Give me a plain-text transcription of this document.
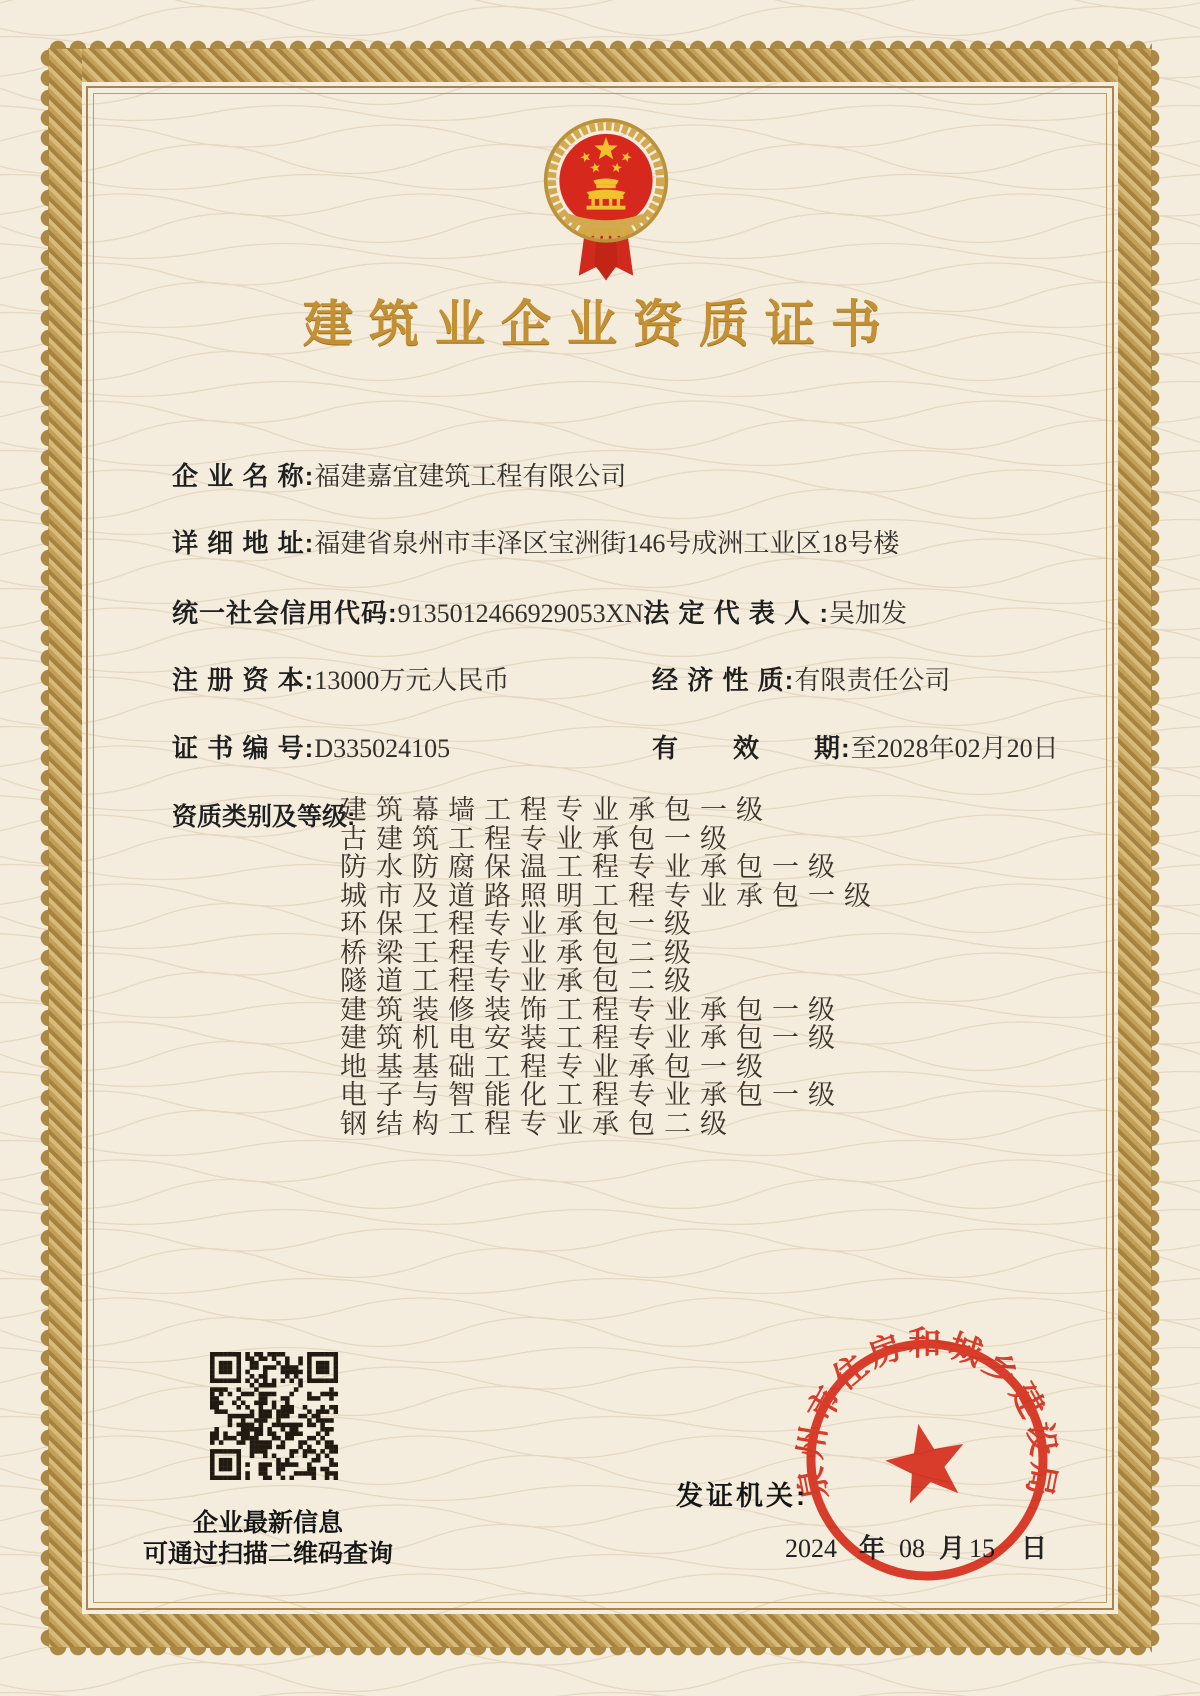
建筑业企业资质证书
企 业 名 称:福建嘉宜建筑工程有限公司
详 细 地 址:福建省泉州市丰泽区宝洲街146号成洲工业区18号楼
统一社会信用代码:9135012466929053XN法 定 代 表 人 :吴加发
注 册 资 本:13000万元人民币	经 济 性 质:有限责任公司
证 书 编 号:D335024105	有　　效　　期:至2028年02月20日
资质类别及等级:
建筑幕墙工程专业承包一级
古建筑工程专业承包一级
防水防腐保温工程专业承包一级
城市及道路照明工程专业承包一级
环保工程专业承包一级
桥梁工程专业承包二级
隧道工程专业承包二级
建筑装修装饰工程专业承包一级
建筑机电安装工程专业承包一级
地基基础工程专业承包一级
电子与智能化工程专业承包一级
钢结构工程专业承包二级
企业最新信息
可通过扫描二维码查询
发证机关:
2024 年 08 月 15 日
泉州市住房和城乡建设局
